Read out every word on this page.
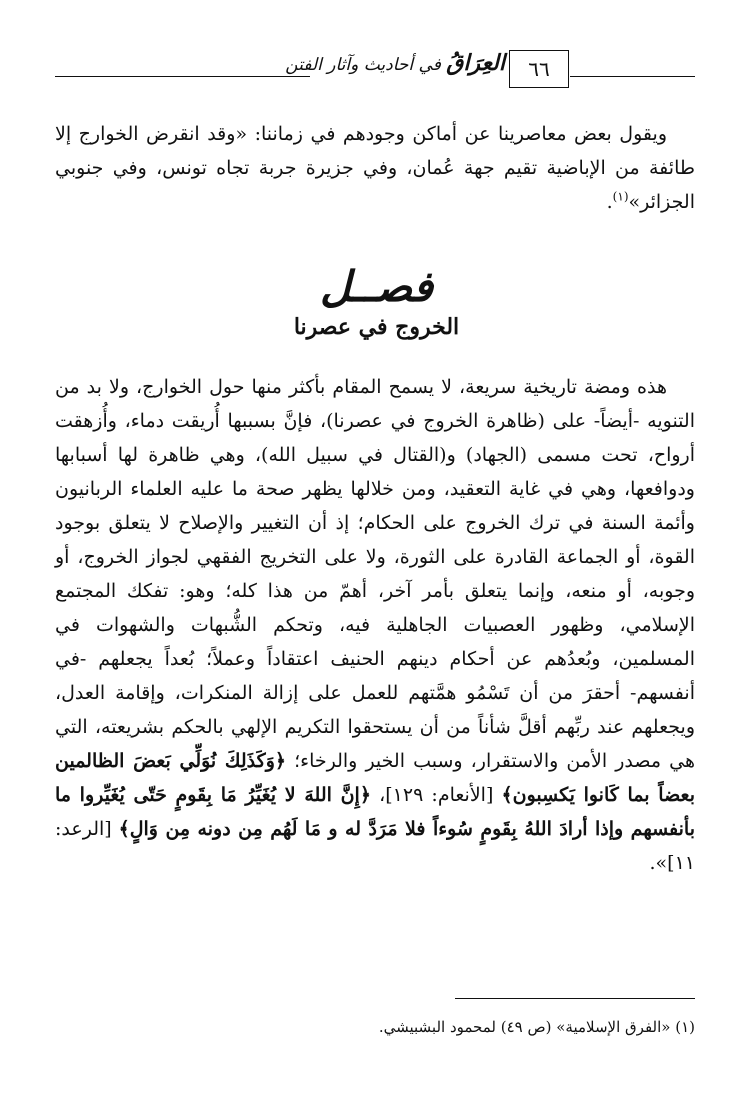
٦٦
العِرَاقُ في أحاديث وآثار الفتن

ويقول بعض معاصرينا عن أماكن وجودهم في زماننا: «وقد انقرض الخوارج إلا طائفة من الإباضية تقيم جهة عُمان، وفي جزيرة جربة تجاه تونس، وفي جنوبي الجزائر»$^{(١)}$.

فصــل
الخروج في عصرنا

هذه ومضة تاريخية سريعة، لا يسمح المقام بأكثر منها حول الخوارج، ولا بد من التنويه -أيضاً- على (ظاهرة الخروج في عصرنا)، فإنَّ بسببها أُريقت دماء، وأُزهقت أرواح، تحت مسمى (الجهاد) و(القتال في سبيل الله)، وهي ظاهرة لها أسبابها ودوافعها، وهي في غاية التعقيد، ومن خلالها يظهر صحة ما عليه العلماء الربانيون وأئمة السنة في ترك الخروج على الحكام؛ إذ أن التغيير والإصلاح لا يتعلق بوجود القوة، أو الجماعة القادرة على الثورة، ولا على التخريج الفقهي لجواز الخروج، أو وجوبه، أو منعه، وإنما يتعلق بأمر آخر، أهمّ من هذا كله؛ وهو: تفكك المجتمع الإسلامي، وظهور العصبيات الجاهلية فيه، وتحكم الشُّبهات والشهوات في المسلمين، وبُعدُهم عن أحكام دينهم الحنيف اعتقاداً وعملاً؛ بُعداً يجعلهم -في أنفسهم- أحقرَ من أن تَسْمُو همَّتهم للعمل على إزالة المنكرات، وإقامة العدل، ويجعلهم عند ربِّهم أقلَّ شأناً من أن يستحقوا التكريم الإلهي بالحكم بشريعته، التي هي مصدر الأمن والاستقرار، وسبب الخير والرخاء؛ ﴿وَكَذَلِكَ نُوَلِّي بَعضَ الظالمين بعضاً بما كَانوا يَكسِبون﴾ [الأنعام: ١٢٩]، ﴿إِنَّ اللهَ لا يُغَيِّرُ مَا بِقَومٍ حَتّى يُغَيِّروا ما بأنفسهم وإذا أرادَ اللهُ بِقَومٍ سُوءاً فلا مَرَدَّ له و مَا لَهُم مِن دونه مِن وَالٍ﴾ [الرعد: ١١]».

(١) «الفرق الإسلامية» (ص ٤٩) لمحمود البشبيشي.
